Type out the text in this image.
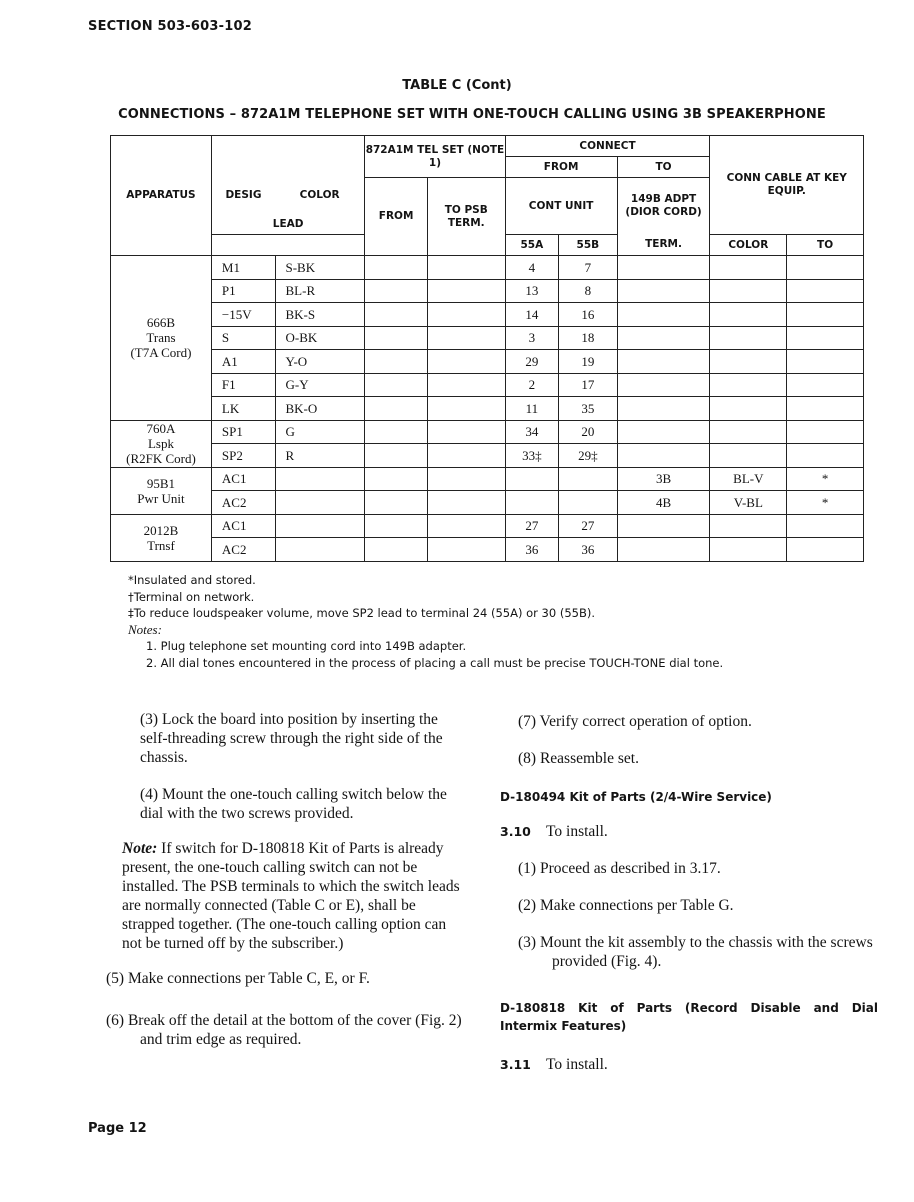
SECTION 503-603-102
TABLE C (Cont)
CONNECTIONS – 872A1M TELEPHONE SET WITH ONE-TOUCH CALLING USING 3B SPEAKERPHONE
APPARATUS	LEAD		872A1M TEL SET (NOTE 1)		CONNECT			CONN CABLE AT KEY EQUIP.	
					FROM		TO		
			FROM	TO PSB TERM.	CONT UNIT		149B ADPT (DIOR CORD)		
	DESIG	COLOR			55A	55B	TERM.	COLOR	TO
666B
Trans
(T7A Cord)	M1	S-BK			4	7			
	P1	BL-R			13	8			
	−15V	BK-S			14	16			
	S	O-BK			3	18			
	A1	Y-O			29	19			
	F1	G-Y			2	17			
	LK	BK-O			11	35			
760A
Lspk
(R2FK Cord)	SP1	G			34	20			
	SP2	R			33‡	29‡			
95B1
Pwr Unit	AC1						3B	BL-V	*
	AC2						4B	V-BL	*
2012B
Trnsf	AC1				27	27			
	AC2				36	36			
*Insulated and stored.
†Terminal on network.
‡To reduce loudspeaker volume, move SP2 lead to terminal 24 (55A) or 30 (55B).
Notes:
1. Plug telephone set mounting cord into 149B adapter.
2. All dial tones encountered in the process of placing a call must be precise TOUCH-TONE dial tone.

(3) Lock the board into position by inserting the self-threading screw through the right side of the chassis.

(4) Mount the one-touch calling switch below the dial with the two screws provided.

Note: If switch for D-180818 Kit of Parts is already present, the one-touch calling switch can not be installed. The PSB terminals to which the switch leads are normally connected (Table C or E), shall be strapped together. (The one-touch calling option can not be turned off by the subscriber.)

(5) Make connections per Table C, E, or F.

(6) Break off the detail at the bottom of the cover (Fig. 2) and trim edge as required.

(7) Verify correct operation of option.

(8) Reassemble set.

D-180494 Kit of Parts (2/4-Wire Service)

3.10 To install.

(1) Proceed as described in 3.17.

(2) Make connections per Table G.

(3) Mount the kit assembly to the chassis with the screws provided (Fig. 4).

D-180818 Kit of Parts (Record Disable and Dial Intermix Features)

3.11 To install.

Page 12
